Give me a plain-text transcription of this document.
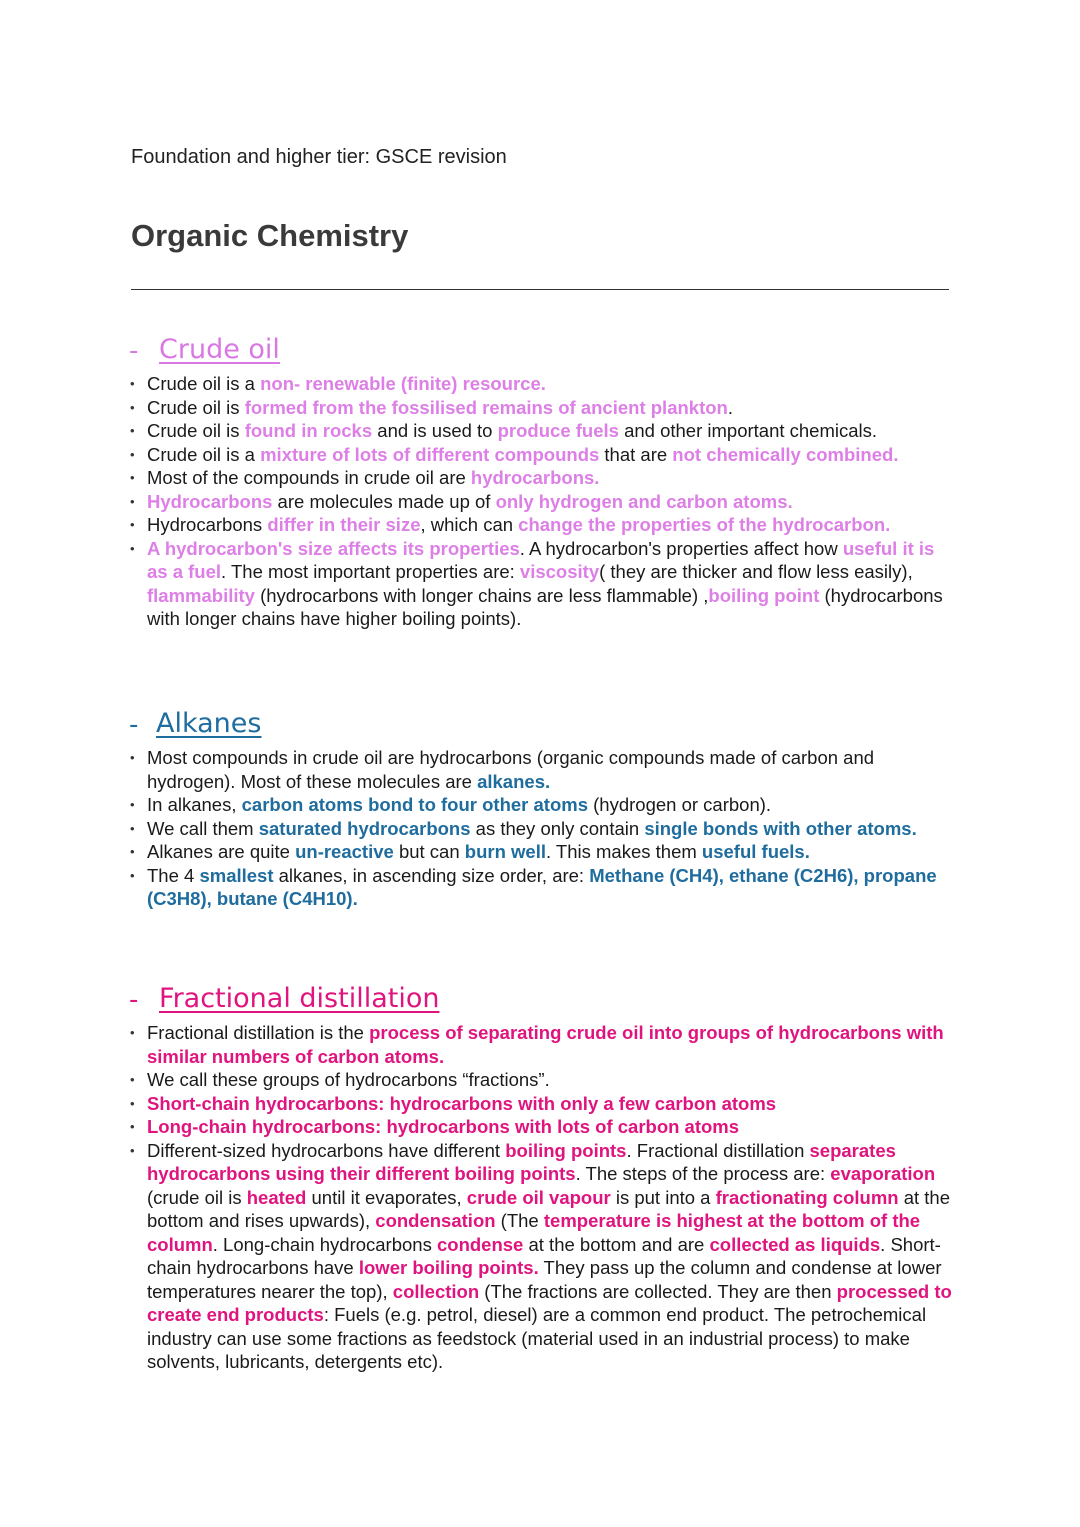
Foundation and higher tier: GSCE revision
Organic Chemistry
- Crude oil
• Crude oil is a non- renewable (finite) resource.
• Crude oil is formed from the fossilised remains of ancient plankton.
• Crude oil is found in rocks and is used to produce fuels and other important chemicals.
• Crude oil is a mixture of lots of different compounds that are not chemically combined.
• Most of the compounds in crude oil are hydrocarbons.
• Hydrocarbons are molecules made up of only hydrogen and carbon atoms.
• Hydrocarbons differ in their size, which can change the properties of the hydrocarbon.
• A hydrocarbon's size affects its properties. A hydrocarbon's properties affect how useful it is as a fuel. The most important properties are: viscosity( they are thicker and flow less easily), flammability (hydrocarbons with longer chains are less flammable) ,boiling point (hydrocarbons with longer chains have higher boiling points).
- Alkanes
• Most compounds in crude oil are hydrocarbons (organic compounds made of carbon and hydrogen). Most of these molecules are alkanes.
• In alkanes, carbon atoms bond to four other atoms (hydrogen or carbon).
• We call them saturated hydrocarbons as they only contain single bonds with other atoms.
• Alkanes are quite un-reactive but can burn well. This makes them useful fuels.
• The 4 smallest alkanes, in ascending size order, are: Methane (CH4), ethane (C2H6), propane (C3H8), butane (C4H10).
- Fractional distillation
• Fractional distillation is the process of separating crude oil into groups of hydrocarbons with similar numbers of carbon atoms.
• We call these groups of hydrocarbons “fractions”.
• Short-chain hydrocarbons: hydrocarbons with only a few carbon atoms
• Long-chain hydrocarbons: hydrocarbons with lots of carbon atoms
• Different-sized hydrocarbons have different boiling points. Fractional distillation separates hydrocarbons using their different boiling points. The steps of the process are: evaporation (crude oil is heated until it evaporates, crude oil vapour is put into a fractionating column at the bottom and rises upwards), condensation (The temperature is highest at the bottom of the column. Long-chain hydrocarbons condense at the bottom and are collected as liquids. Short-chain hydrocarbons have lower boiling points. They pass up the column and condense at lower temperatures nearer the top), collection (The fractions are collected. They are then processed to create end products: Fuels (e.g. petrol, diesel) are a common end product. The petrochemical industry can use some fractions as feedstock (material used in an industrial process) to make solvents, lubricants, detergents etc).
